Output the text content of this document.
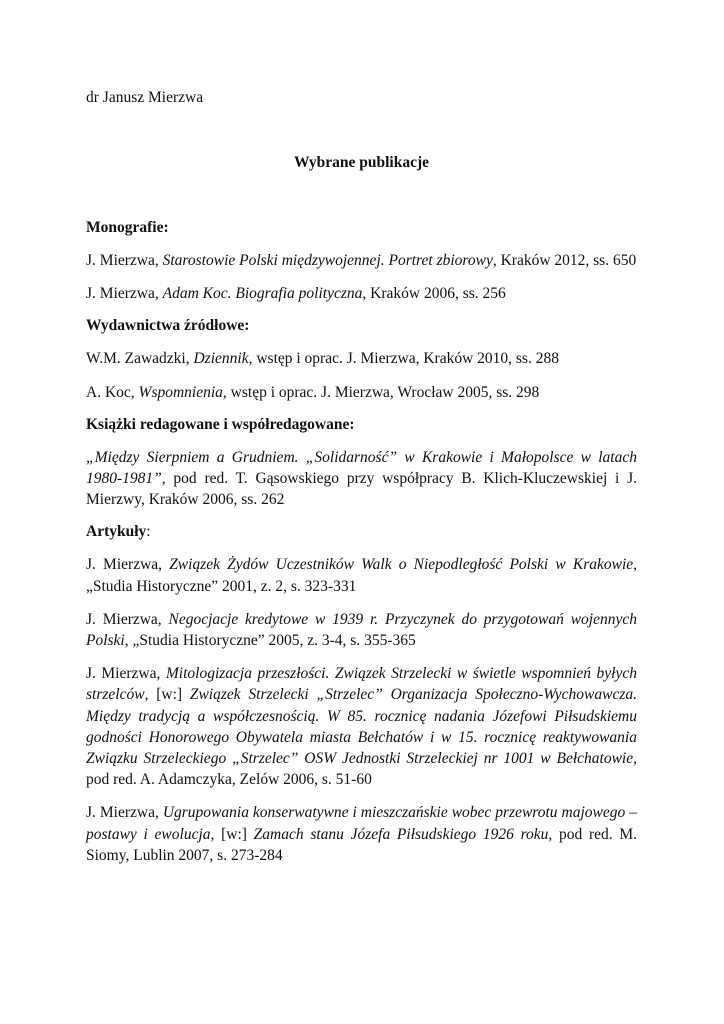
dr Janusz Mierzwa
Wybrane publikacje
Monografie:
J. Mierzwa, Starostowie Polski międzywojennej. Portret zbiorowy, Kraków 2012, ss. 650
J. Mierzwa, Adam Koc. Biografia polityczna, Kraków 2006, ss. 256
Wydawnictwa źródłowe:
W.M. Zawadzki, Dziennik, wstęp i oprac. J. Mierzwa, Kraków 2010, ss. 288
A. Koc, Wspomnienia, wstęp i oprac. J. Mierzwa, Wrocław 2005, ss. 298
Książki redagowane i współredagowane:
„Między Sierpniem a Grudniem. „Solidarność” w Krakowie i Małopolsce w latach 1980-1981”, pod red. T. Gąsowskiego przy współpracy B. Klich-Kluczewskiej i J. Mierzwy, Kraków 2006, ss. 262
Artykuły:
J. Mierzwa, Związek Żydów Uczestników Walk o Niepodległość Polski w Krakowie, „Studia Historyczne” 2001, z. 2, s. 323-331
J. Mierzwa, Negocjacje kredytowe w 1939 r. Przyczynek do przygotowań wojennych Polski, „Studia Historyczne” 2005, z. 3-4, s. 355-365
J. Mierzwa, Mitologizacja przeszłości. Związek Strzelecki w świetle wspomnień byłych strzelców, [w:] Związek Strzelecki „Strzelec” Organizacja Społeczno-Wychowawcza. Między tradycją a współczesnością. W 85. rocznicę nadania Józefowi Piłsudskiemu godności Honorowego Obywatela miasta Bełchatów i w 15. rocznicę reaktywowania Związku Strzeleckiego „Strzelec” OSW Jednostki Strzeleckiej nr 1001 w Bełchatowie, pod red. A. Adamczyka, Zelów 2006, s. 51-60
J. Mierzwa, Ugrupowania konserwatywne i mieszczańskie wobec przewrotu majowego – postawy i ewolucja, [w:] Zamach stanu Józefa Piłsudskiego 1926 roku, pod red. M. Siomy, Lublin 2007, s. 273-284
